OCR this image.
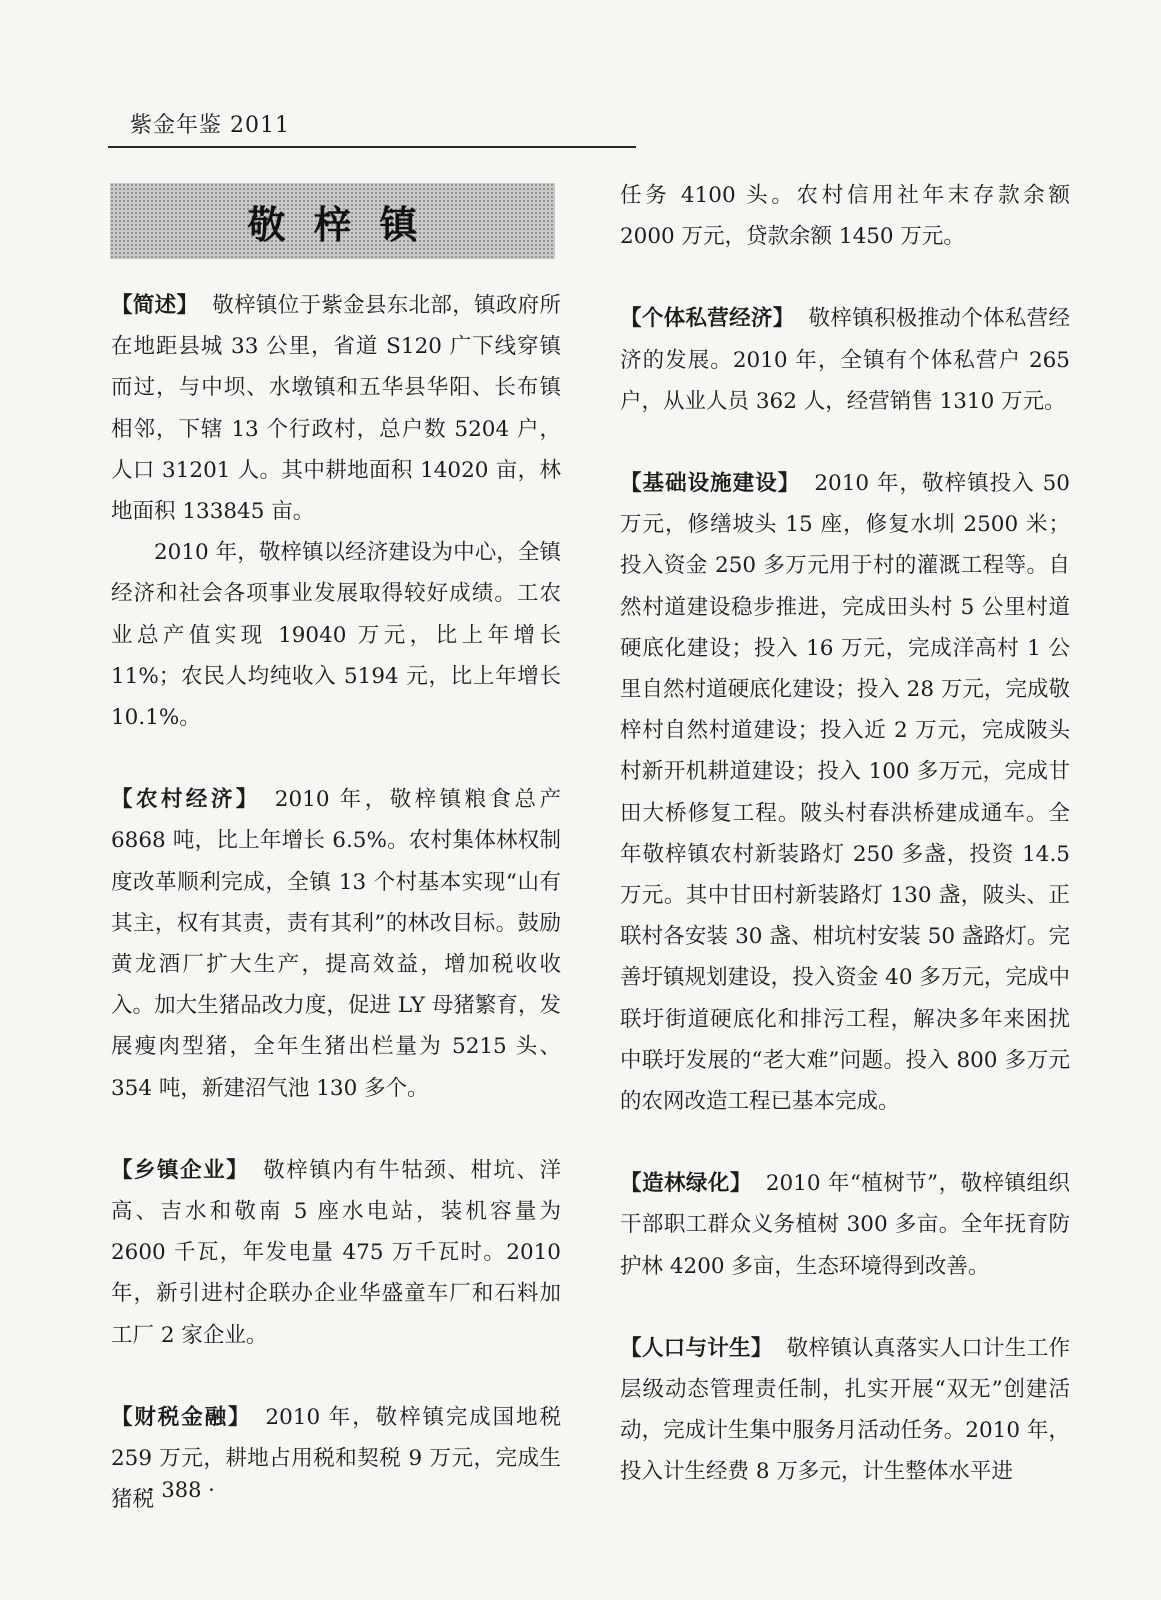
紫金年鉴 2011
敬梓镇

【简述】 敬梓镇位于紫金县东北部，镇政府所在地距县城 33 公里，省道 S120 广下线穿镇而过，与中坝、水墩镇和五华县华阳、长布镇相邻，下辖 13 个行政村，总户数 5204 户，人口 31201 人。其中耕地面积 14020 亩，林地面积 133845 亩。

2010 年，敬梓镇以经济建设为中心，全镇经济和社会各项事业发展取得较好成绩。工农业总产值实现 19040 万元，比上年增长 11%；农民人均纯收入 5194 元，比上年增长 10.1%。

【农村经济】 2010 年，敬梓镇粮食总产 6868 吨，比上年增长 6.5%。农村集体林权制度改革顺利完成，全镇 13 个村基本实现“山有其主，权有其责，责有其利”的林改目标。鼓励黄龙酒厂扩大生产，提高效益，增加税收收入。加大生猪品改力度，促进 LY 母猪繁育，发展瘦肉型猪，全年生猪出栏量为 5215 头、354 吨，新建沼气池 130 多个。

【乡镇企业】 敬梓镇内有牛牯颈、柑坑、洋高、吉水和敬南 5 座水电站，装机容量为 2600 千瓦，年发电量 475 万千瓦时。2010 年，新引进村企联办企业华盛童车厂和石料加工厂 2 家企业。

【财税金融】 2010 年，敬梓镇完成国地税 259 万元，耕地占用税和契税 9 万元，完成生猪税

任务 4100 头。农村信用社年末存款余额 2000 万元，贷款余额 1450 万元。

【个体私营经济】 敬梓镇积极推动个体私营经济的发展。2010 年，全镇有个体私营户 265 户，从业人员 362 人，经营销售 1310 万元。

【基础设施建设】 2010 年，敬梓镇投入 50 万元，修缮坡头 15 座，修复水圳 2500 米；投入资金 250 多万元用于村的灌溉工程等。自然村道建设稳步推进，完成田头村 5 公里村道硬底化建设；投入 16 万元，完成洋高村 1 公里自然村道硬底化建设；投入 28 万元，完成敬梓村自然村道建设；投入近 2 万元，完成陂头村新开机耕道建设；投入 100 多万元，完成甘田大桥修复工程。陂头村春洪桥建成通车。全年敬梓镇农村新装路灯 250 多盏，投资 14.5 万元。其中甘田村新装路灯 130 盏，陂头、正联村各安装 30 盏、柑坑村安装 50 盏路灯。完善圩镇规划建设，投入资金 40 多万元，完成中联圩街道硬底化和排污工程，解决多年来困扰中联圩发展的“老大难”问题。投入 800 多万元的农网改造工程已基本完成。

【造林绿化】 2010 年“植树节”，敬梓镇组织干部职工群众义务植树 300 多亩。全年抚育防护林 4200 多亩，生态环境得到改善。

【人口与计生】 敬梓镇认真落实人口计生工作层级动态管理责任制，扎实开展“双无”创建活动，完成计生集中服务月活动任务。2010 年，投入计生经费 8 万多元，计生整体水平进

· 388 ·
